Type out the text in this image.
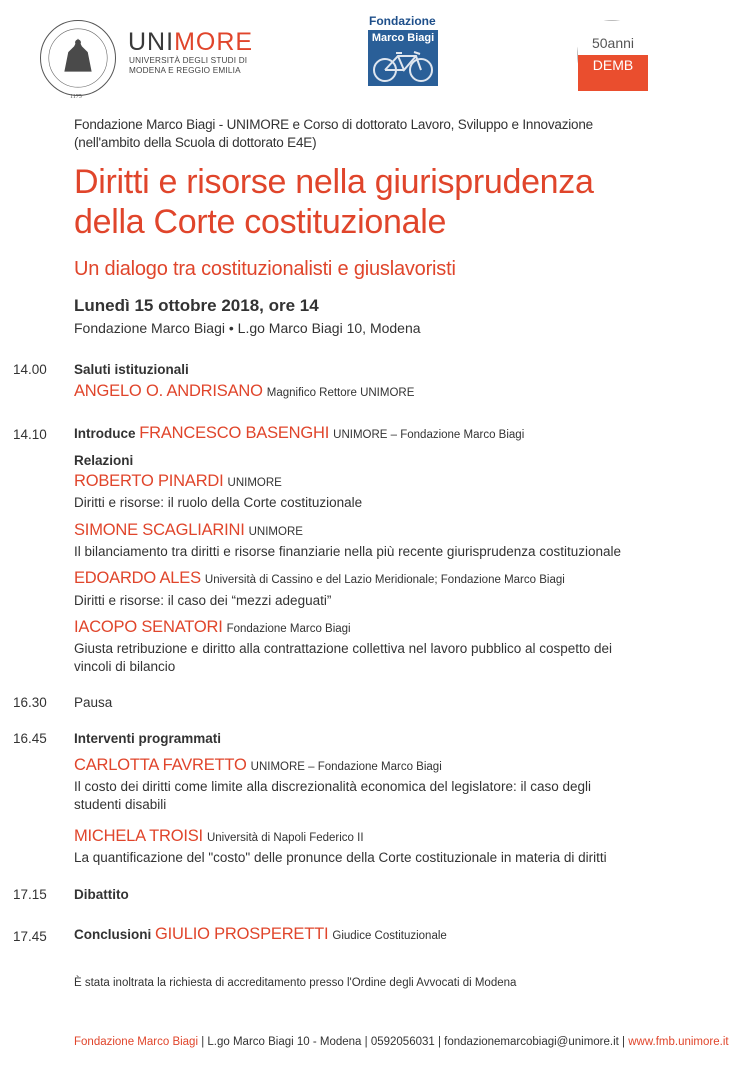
1175
UNIMORE
UNIVERSITÀ DEGLI STUDI DI
MODENA E REGGIO EMILIA
Fondazione
Marco Biagi	50anni
DEMB
Fondazione Marco Biagi - UNIMORE e Corso di dottorato Lavoro, Sviluppo e Innovazione
(nell'ambito della Scuola di dottorato E4E)
Diritti e risorse nella giurisprudenza
della Corte costituzionale
Un dialogo tra costituzionalisti e giuslavoristi
Lunedì 15 ottobre 2018, ore 14
Fondazione Marco Biagi • L.go Marco Biagi 10, Modena
14.00 Saluti istituzionali
ANGELO O. ANDRISANO Magnifico Rettore UNIMORE
14.10 Introduce FRANCESCO BASENGHI UNIMORE – Fondazione Marco Biagi
Relazioni
ROBERTO PINARDI UNIMORE
Diritti e risorse: il ruolo della Corte costituzionale
SIMONE SCAGLIARINI UNIMORE
Il bilanciamento tra diritti e risorse finanziarie nella più recente giurisprudenza costituzionale
EDOARDO ALES Università di Cassino e del Lazio Meridionale; Fondazione Marco Biagi
Diritti e risorse: il caso dei “mezzi adeguati”
IACOPO SENATORI Fondazione Marco Biagi
Giusta retribuzione e diritto alla contrattazione collettiva nel lavoro pubblico al cospetto dei vincoli di bilancio
16.30 Pausa
16.45 Interventi programmati
CARLOTTA FAVRETTO UNIMORE – Fondazione Marco Biagi
Il costo dei diritti come limite alla discrezionalità economica del legislatore: il caso degli studenti disabili
MICHELA TROISI Università di Napoli Federico II
La quantificazione del "costo" delle pronunce della Corte costituzionale in materia di diritti
17.15 Dibattito
17.45 Conclusioni GIULIO PROSPERETTI Giudice Costituzionale
È stata inoltrata la richiesta di accreditamento presso l'Ordine degli Avvocati di Modena
Fondazione Marco Biagi | L.go Marco Biagi 10 - Modena | 0592056031 | fondazionemarcobiagi@unimore.it | www.fmb.unimore.it
